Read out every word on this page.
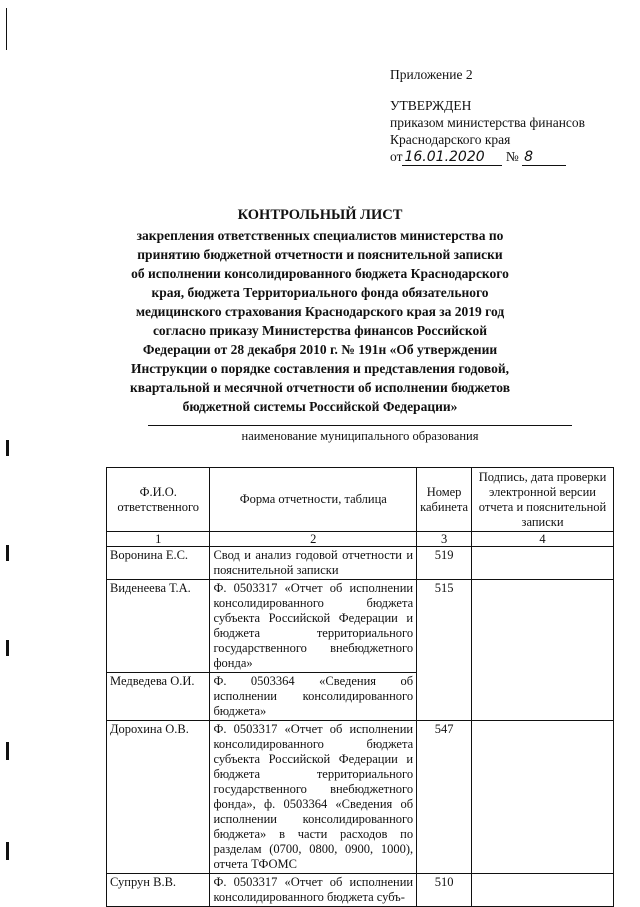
Приложение 2
УТВЕРЖДЕН
приказом министерства финансов
Краснодарского края
от 16.01.2020 № 8
КОНТРОЛЬНЫЙ ЛИСТ
закрепления ответственных специалистов министерства по принятию бюджетной отчетности и пояснительной записки об исполнении консолидированного бюджета Краснодарского края, бюджета Территориального фонда обязательного медицинского страхования Краснодарского края за 2019 год согласно приказу Министерства финансов Российской Федерации от 28 декабря 2010 г. № 191н «Об утверждении Инструкции о порядке составления и представления годовой, квартальной и месячной отчетности об исполнении бюджетов бюджетной системы Российской Федерации»
наименование муниципального образования
Ф.И.О. ответственного	Форма отчетности, таблица	Номер кабинета	Подпись, дата проверки электронной версии отчета и пояснительной записки
1	2	3	4
Воронина Е.С.	Свод и анализ годовой отчетности и пояснительной записки	519	
Виденеева Т.А.	Ф. 0503317 «Отчет об исполнении консолидированного бюджета субъекта Российской Федерации и бюджета территориального государственного внебюджетного фонда»	515	
Медведева О.И.	Ф. 0503364 «Сведения об исполнении консолидированного бюджета»		
Дорохина О.В.	Ф. 0503317 «Отчет об исполнении консолидированного бюджета субъекта Российской Федерации и бюджета территориального государственного внебюджетного фонда», ф. 0503364 «Сведения об исполнении консолидированного бюджета» в части расходов по разделам (0700, 0800, 0900, 1000), отчета ТФОМС	547	
Супрун В.В.	Ф. 0503317 «Отчет об исполнении консолидированного бюджета субъ-	510	
